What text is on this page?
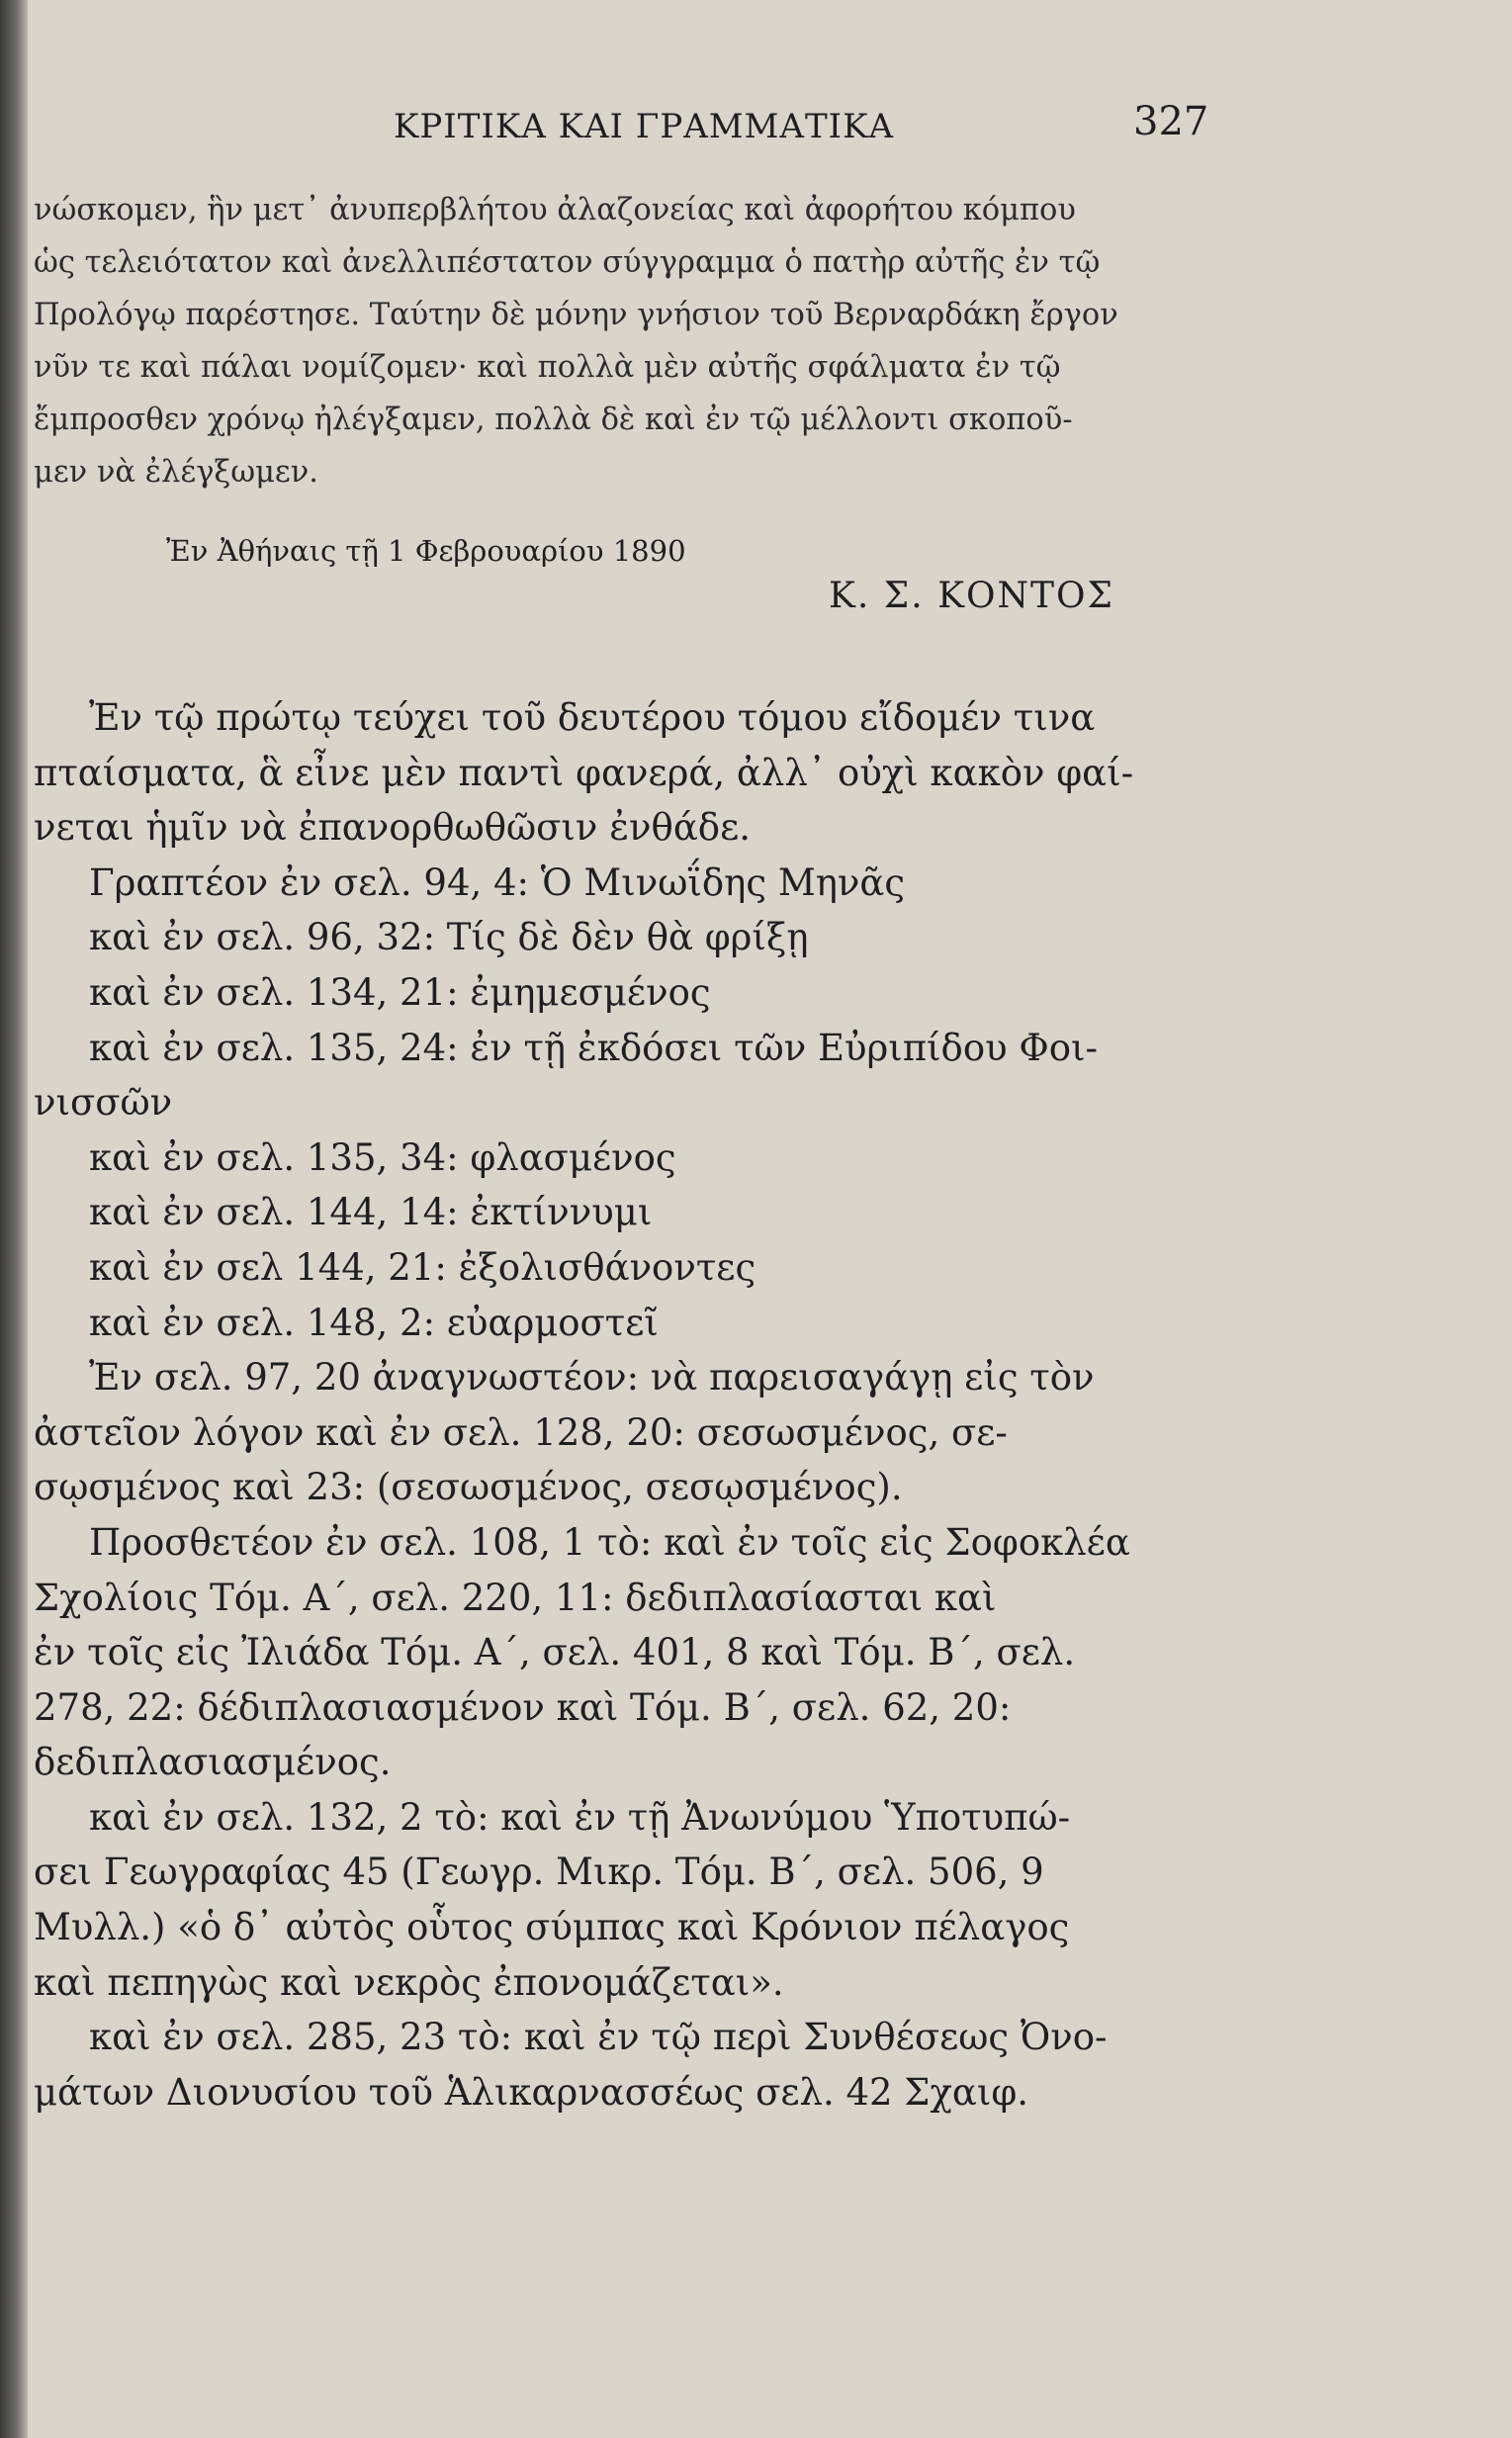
ΚΡΙΤΙΚΑ ΚΑΙ ΓΡΑΜΜΑΤΙΚΑ	327
νώσκομεν, ἣν μετ᾽ ἀνυπερβλήτου ἀλαζονείας καὶ ἀφορήτου κόμπου
ὡς τελειότατον καὶ ἀνελλιπέστατον σύγγραμμα ὁ πατὴρ αὐτῆς ἐν τῷ
Προλόγῳ παρέστησε. Ταύτην δὲ μόνην γνήσιον τοῦ Βερναρδάκη ἔργον
νῦν τε καὶ πάλαι νομίζομεν· καὶ πολλὰ μὲν αὐτῆς σφάλματα ἐν τῷ
ἔμπροσθεν χρόνῳ ἠλέγξαμεν, πολλὰ δὲ καὶ ἐν τῷ μέλλοντι σκοποῦ-
μεν νὰ ἐλέγξωμεν.
Ἐν Ἀθήναις τῇ 1 Φεβρουαρίου 1890
Κ. Σ. ΚΟΝΤΟΣ
Ἐν τῷ πρώτῳ τεύχει τοῦ δευτέρου τόμου εἴδομέν τινα
πταίσματα, ἃ εἶνε μὲν παντὶ φανερά, ἀλλ᾽ οὐχὶ κακὸν φαί-
νεται ἡμῖν νὰ ἐπανορθωθῶσιν ἐνθάδε.
Γραπτέον ἐν σελ. 94, 4: Ὁ Μινωΐδης Μηνᾶς
καὶ ἐν σελ. 96, 32: Τίς δὲ δὲν θὰ φρίξῃ
καὶ ἐν σελ. 134, 21: ἐμημεσμένος
καὶ ἐν σελ. 135, 24: ἐν τῇ ἐκδόσει τῶν Εὐριπίδου Φοι-
νισσῶν
καὶ ἐν σελ. 135, 34: φλασμένος
καὶ ἐν σελ. 144, 14: ἐκτίννυμι
καὶ ἐν σελ 144, 21: ἐξολισθάνοντες
καὶ ἐν σελ. 148, 2: εὐαρμοστεῖ
Ἐν σελ. 97, 20 ἀναγνωστέον: νὰ παρεισαγάγῃ εἰς τὸν
ἀστεῖον λόγον καὶ ἐν σελ. 128, 20: σεσωσμένος, σε-
σῳσμένος καὶ 23: (σεσωσμένος, σεσῳσμένος).
Προσθετέον ἐν σελ. 108, 1 τὸ: καὶ ἐν τοῖς εἰς Σοφοκλέα
Σχολίοις Τόμ. Α΄, σελ. 220, 11: δεδιπλασίασται καὶ
ἐν τοῖς εἰς Ἰλιάδα Τόμ. Α΄, σελ. 401, 8 καὶ Τόμ. Β΄, σελ.
278, 22: δέδιπλασιασμένον καὶ Τόμ. Β΄, σελ. 62, 20:
δεδιπλασιασμένος.
καὶ ἐν σελ. 132, 2 τὸ: καὶ ἐν τῇ Ἀνωνύμου Ὑποτυπώ-
σει Γεωγραφίας 45 (Γεωγρ. Μικρ. Τόμ. Β΄, σελ. 506, 9
Μυλλ.) «ὁ δ᾽ αὐτὸς οὗτος σύμπας καὶ Κρόνιον πέλαγος
καὶ πεπηγὼς καὶ νεκρὸς ἐπονομάζεται».
καὶ ἐν σελ. 285, 23 τὸ: καὶ ἐν τῷ περὶ Συνθέσεως Ὀνο-
μάτων Διονυσίου τοῦ Ἁλικαρνασσέως σελ. 42 Σχαιφ.
